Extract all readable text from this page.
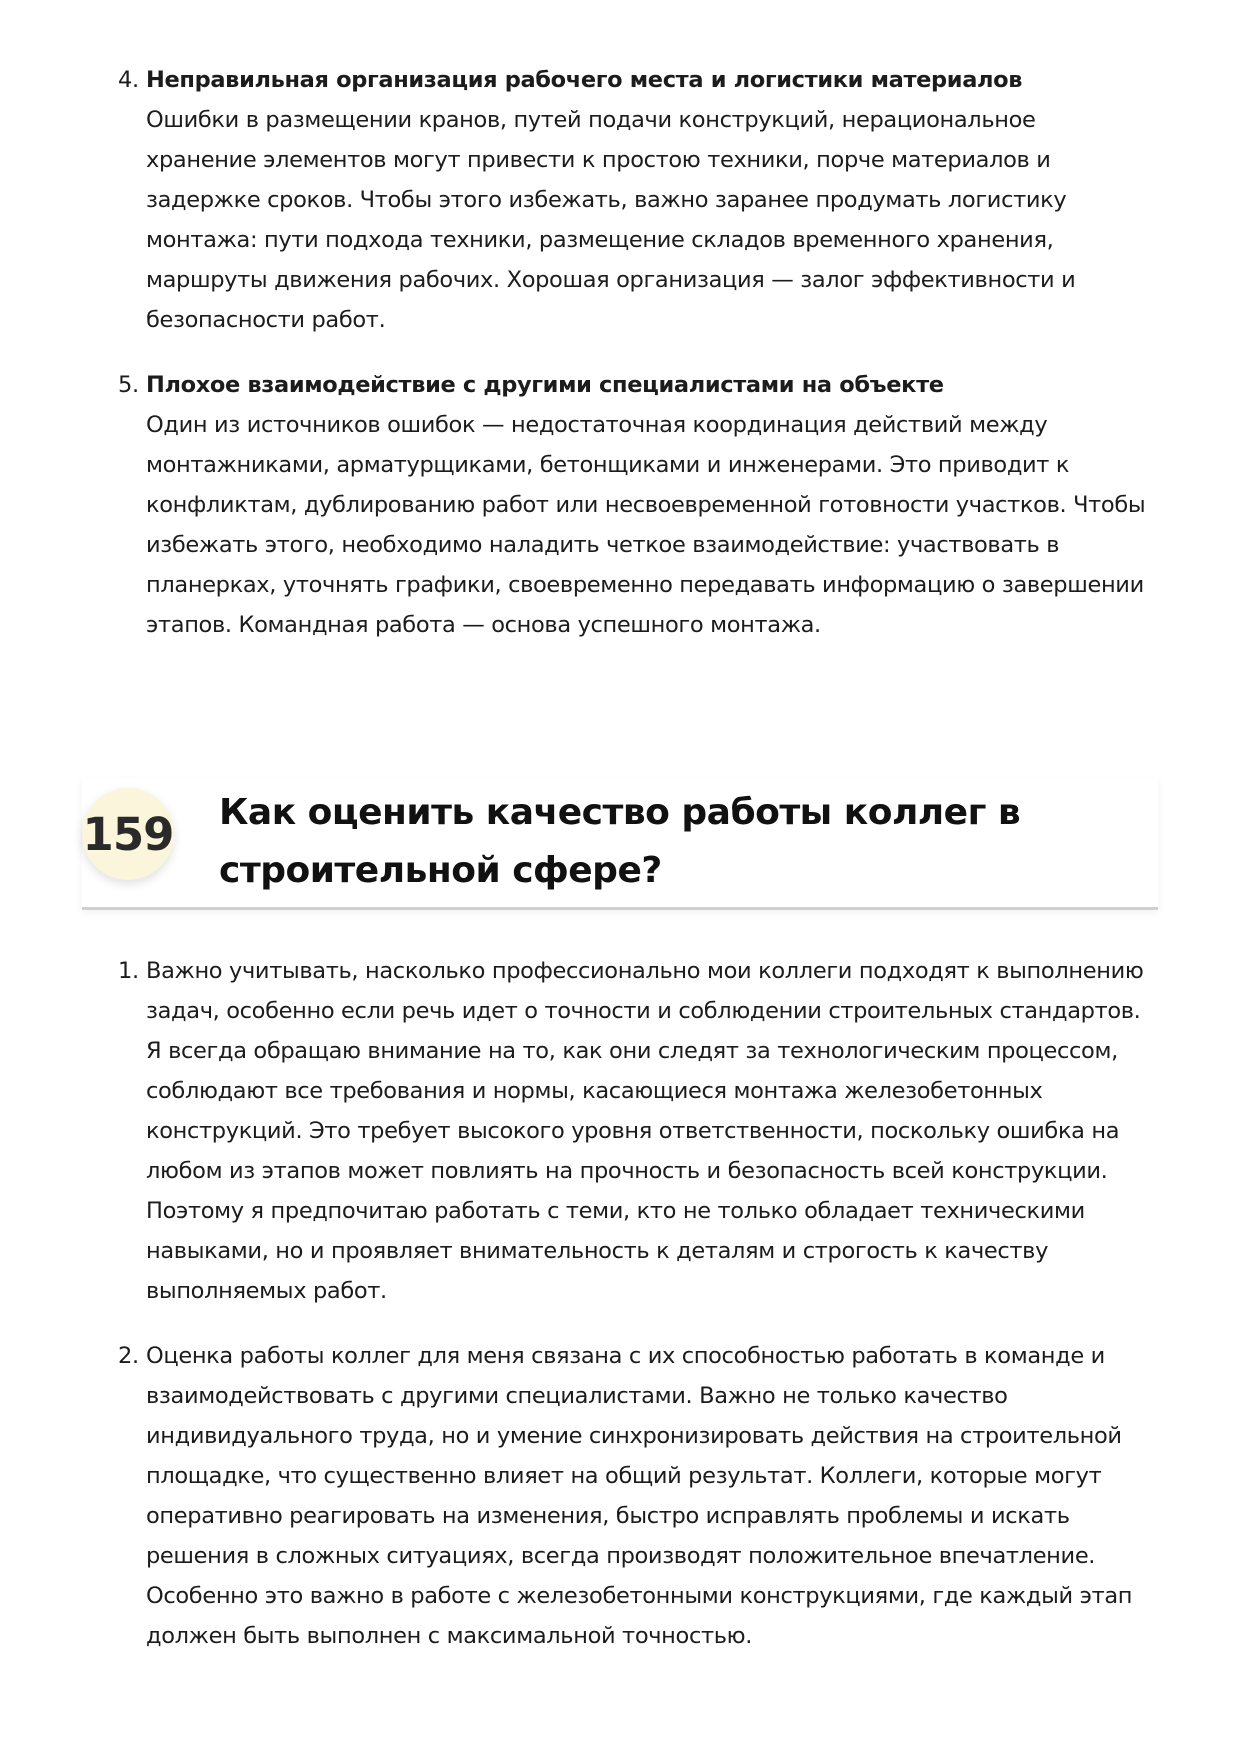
4. Неправильная организация рабочего места и логистики материалов
Ошибки в размещении кранов, путей подачи конструкций, нерациональное хранение элементов могут привести к простою техники, порче материалов и задержке сроков. Чтобы этого избежать, важно заранее продумать логистику монтажа: пути подхода техники, размещение складов временного хранения, маршруты движения рабочих. Хорошая организация — залог эффективности и безопасности работ.
5. Плохое взаимодействие с другими специалистами на объекте
Один из источников ошибок — недостаточная координация действий между монтажниками, арматурщиками, бетонщиками и инженерами. Это приводит к конфликтам, дублированию работ или несвоевременной готовности участков. Чтобы избежать этого, необходимо наладить четкое взаимодействие: участвовать в планерках, уточнять графики, своевременно передавать информацию о завершении этапов. Командная работа — основа успешного монтажа.
159 Как оценить качество работы коллег в строительной сфере?
1. Важно учитывать, насколько профессионально мои коллеги подходят к выполнению задач, особенно если речь идет о точности и соблюдении строительных стандартов. Я всегда обращаю внимание на то, как они следят за технологическим процессом, соблюдают все требования и нормы, касающиеся монтажа железобетонных конструкций. Это требует высокого уровня ответственности, поскольку ошибка на любом из этапов может повлиять на прочность и безопасность всей конструкции. Поэтому я предпочитаю работать с теми, кто не только обладает техническими навыками, но и проявляет внимательность к деталям и строгость к качеству выполняемых работ.
2. Оценка работы коллег для меня связана с их способностью работать в команде и взаимодействовать с другими специалистами. Важно не только качество индивидуального труда, но и умение синхронизировать действия на строительной площадке, что существенно влияет на общий результат. Коллеги, которые могут оперативно реагировать на изменения, быстро исправлять проблемы и искать решения в сложных ситуациях, всегда производят положительное впечатление. Особенно это важно в работе с железобетонными конструкциями, где каждый этап должен быть выполнен с максимальной точностью.
